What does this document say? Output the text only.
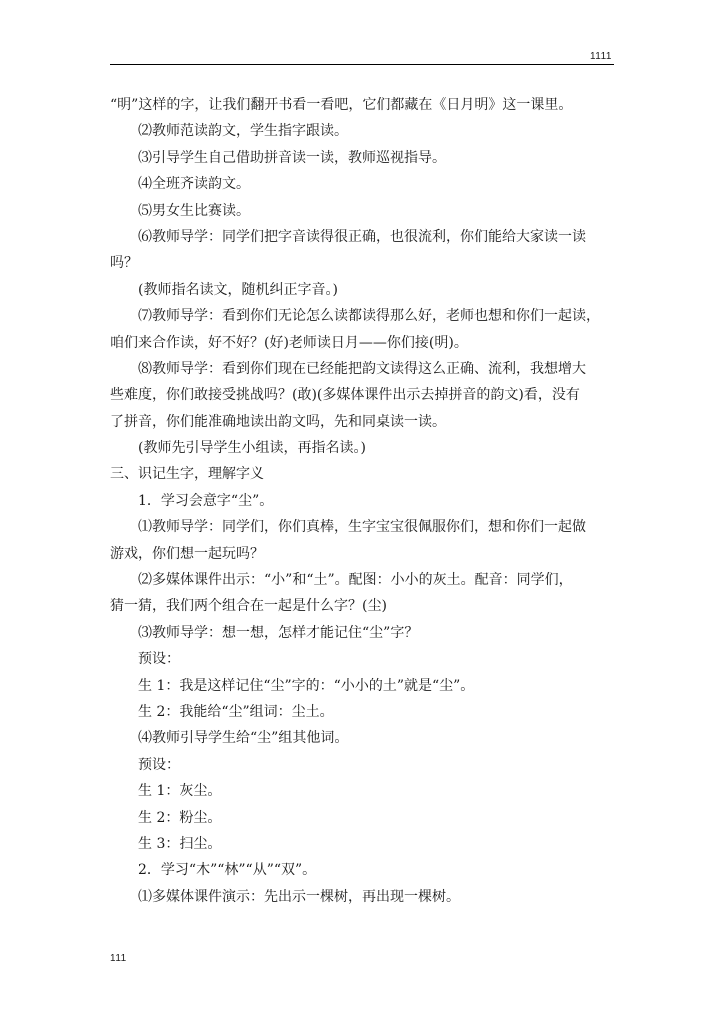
1111
“明”这样的字，让我们翻开书看一看吧，它们都藏在《日月明》这一课里。
⑵教师范读韵文，学生指字跟读。
⑶引导学生自己借助拼音读一读，教师巡视指导。
⑷全班齐读韵文。
⑸男女生比赛读。
⑹教师导学：同学们把字音读得很正确，也很流利，你们能给大家读一读
吗？
(教师指名读文，随机纠正字音。)
⑺教师导学：看到你们无论怎么读都读得那么好，老师也想和你们一起读，
咱们来合作读，好不好？(好)老师读日月——你们接(明)。
⑻教师导学：看到你们现在已经能把韵文读得这么正确、流利，我想增大
些难度，你们敢接受挑战吗？(敢)(多媒体课件出示去掉拼音的韵文)看，没有
了拼音，你们能准确地读出韵文吗，先和同桌读一读。
(教师先引导学生小组读，再指名读。)
三、识记生字，理解字义
1．学习会意字“尘”。
⑴教师导学：同学们，你们真棒，生字宝宝很佩服你们，想和你们一起做
游戏，你们想一起玩吗？
⑵多媒体课件出示：“小”和“土”。配图：小小的灰土。配音：同学们，
猜一猜，我们两个组合在一起是什么字？(尘)
⑶教师导学：想一想，怎样才能记住“尘”字？
预设：
生 1：我是这样记住“尘”字的：“小小的土”就是“尘”。
生 2：我能给“尘”组词：尘土。
⑷教师引导学生给“尘”组其他词。
预设：
生 1：灰尘。
生 2：粉尘。
生 3：扫尘。
2．学习“木”“林”“从”“双”。
⑴多媒体课件演示：先出示一棵树，再出现一棵树。
111
